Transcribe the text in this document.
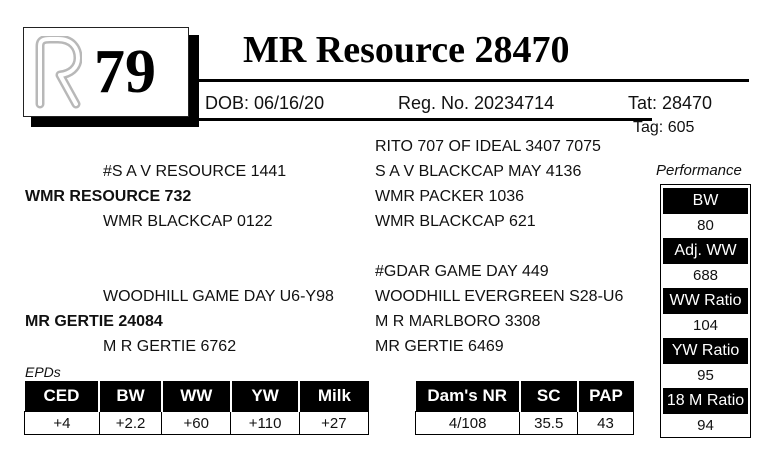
79 MR Resource 28470
DOB: 06/16/20	Reg. No. 20234714	Tat: 28470
Tag: 605
RITO 707 OF IDEAL 3407 7075
#S A V RESOURCE 1441	S A V BLACKCAP MAY 4136
WMR RESOURCE 732	WMR PACKER 1036
WMR BLACKCAP 0122	WMR BLACKCAP 621
#GDAR GAME DAY 449
WOODHILL GAME DAY U6-Y98	WOODHILL EVERGREEN S28-U6
MR GERTIE 24084	M R MARLBORO 3308
M R GERTIE 6762	MR GERTIE 6469
Performance
BW
80
Adj. WW
688
WW Ratio
104
YW Ratio
95
18 M Ratio
94
EPDs
CED	BW	WW	YW	Milk
+4	+2.2	+60	+110	+27
Dam's NR	SC	PAP
4/108	35.5	43
